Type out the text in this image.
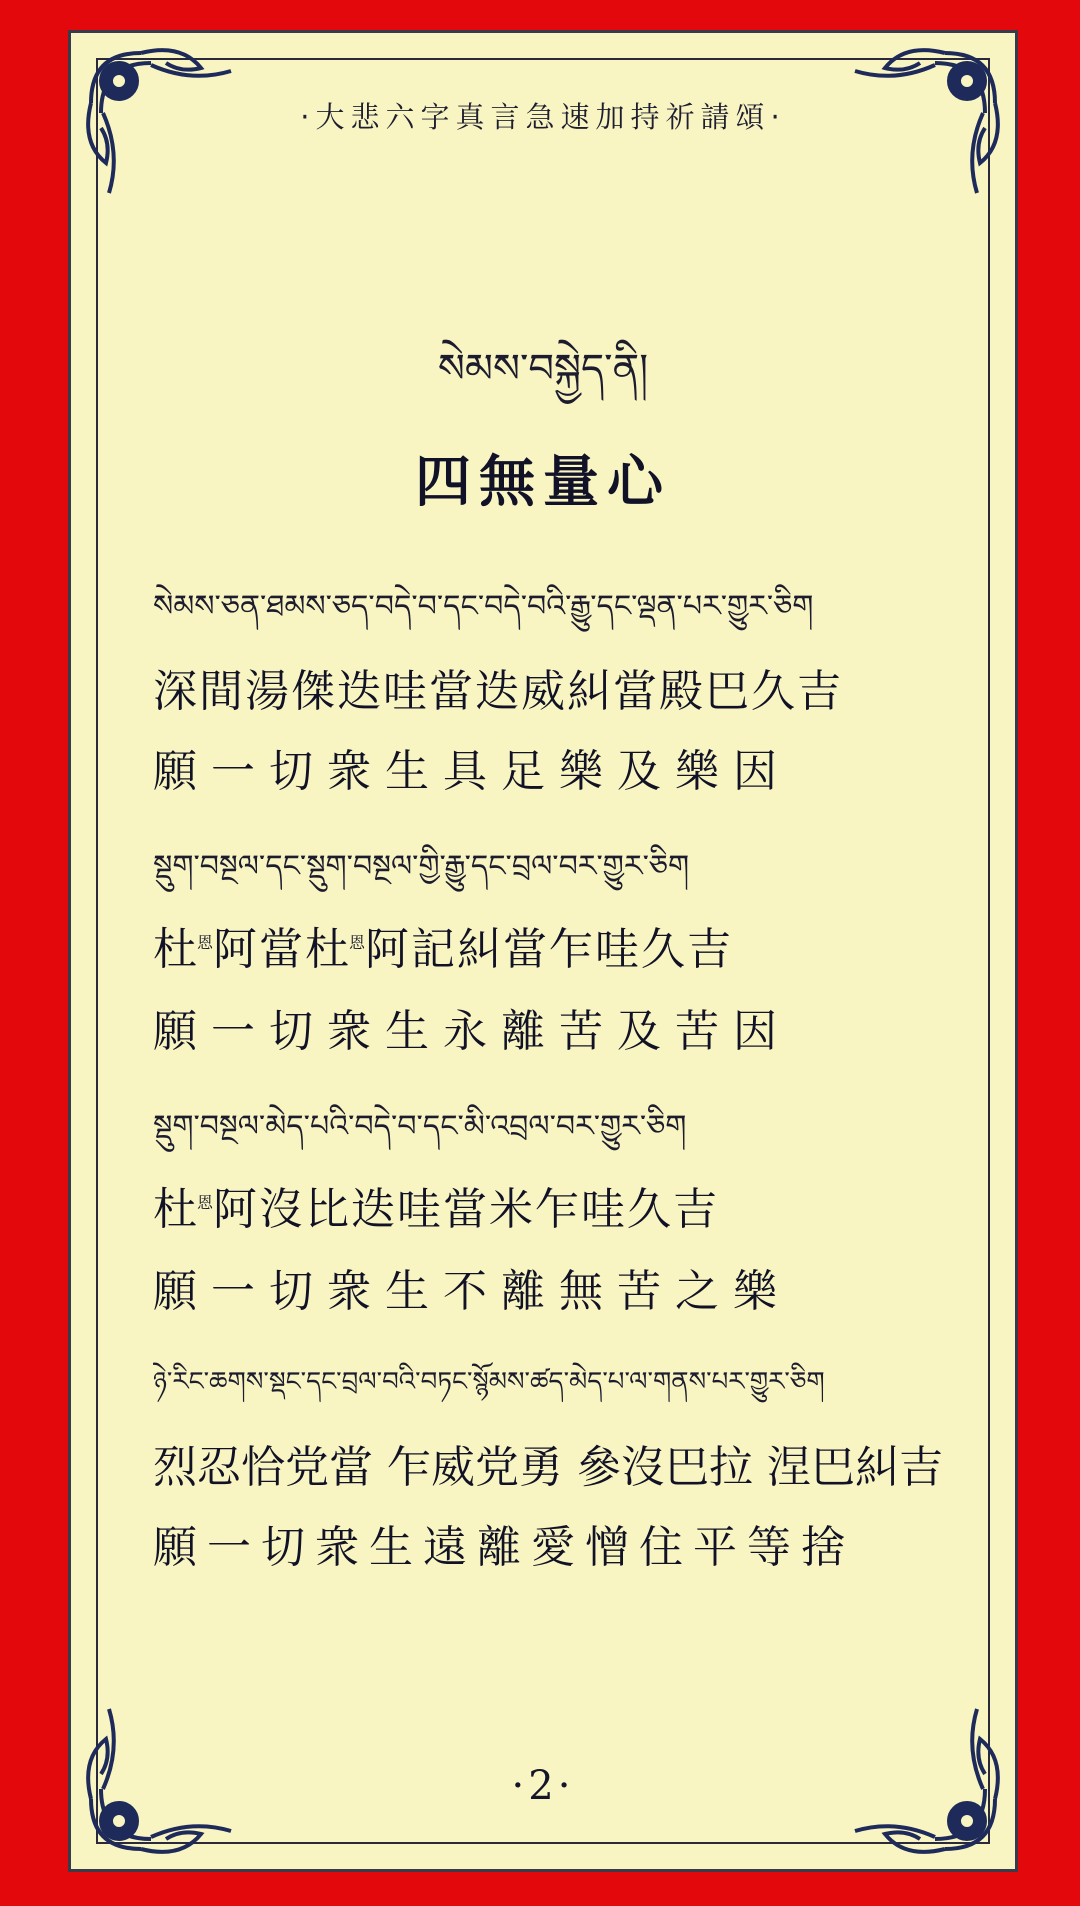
·大悲六字真言急速加持祈請頌·
སེམས་བསྐྱེད་ནི།
四無量心
སེམས་ཅན་ཐམས་ཅད་བདེ་བ་དང་བདེ་བའི་རྒྱུ་དང་ལྡན་པར་གྱུར་ཅིག
深間湯傑迭哇當迭威糾當殿巴久吉
願一切衆生具足樂及樂因
སྡུག་བསྔལ་དང་སྡུག་བསྔལ་གྱི་རྒྱུ་དང་བྲལ་བར་གྱུར་ཅིག
杜$^恩$阿當杜$^恩$阿記糾當乍哇久吉
願一切衆生永離苦及苦因
སྡུག་བསྔལ་མེད་པའི་བདེ་བ་དང་མི་འབྲལ་བར་གྱུར་ཅིག
杜$^恩$阿沒比迭哇當米乍哇久吉
願一切衆生不離無苦之樂
ཉེ་རིང་ཆགས་སྡང་དང་བྲལ་བའི་བཏང་སྙོམས་ཚད་མེད་པ་ལ་གནས་པར་གྱུར་ཅིག
烈忍恰党當 乍威党勇 參沒巴拉 涅巴糾吉
願一切衆生遠離愛憎住平等捨
·2·
